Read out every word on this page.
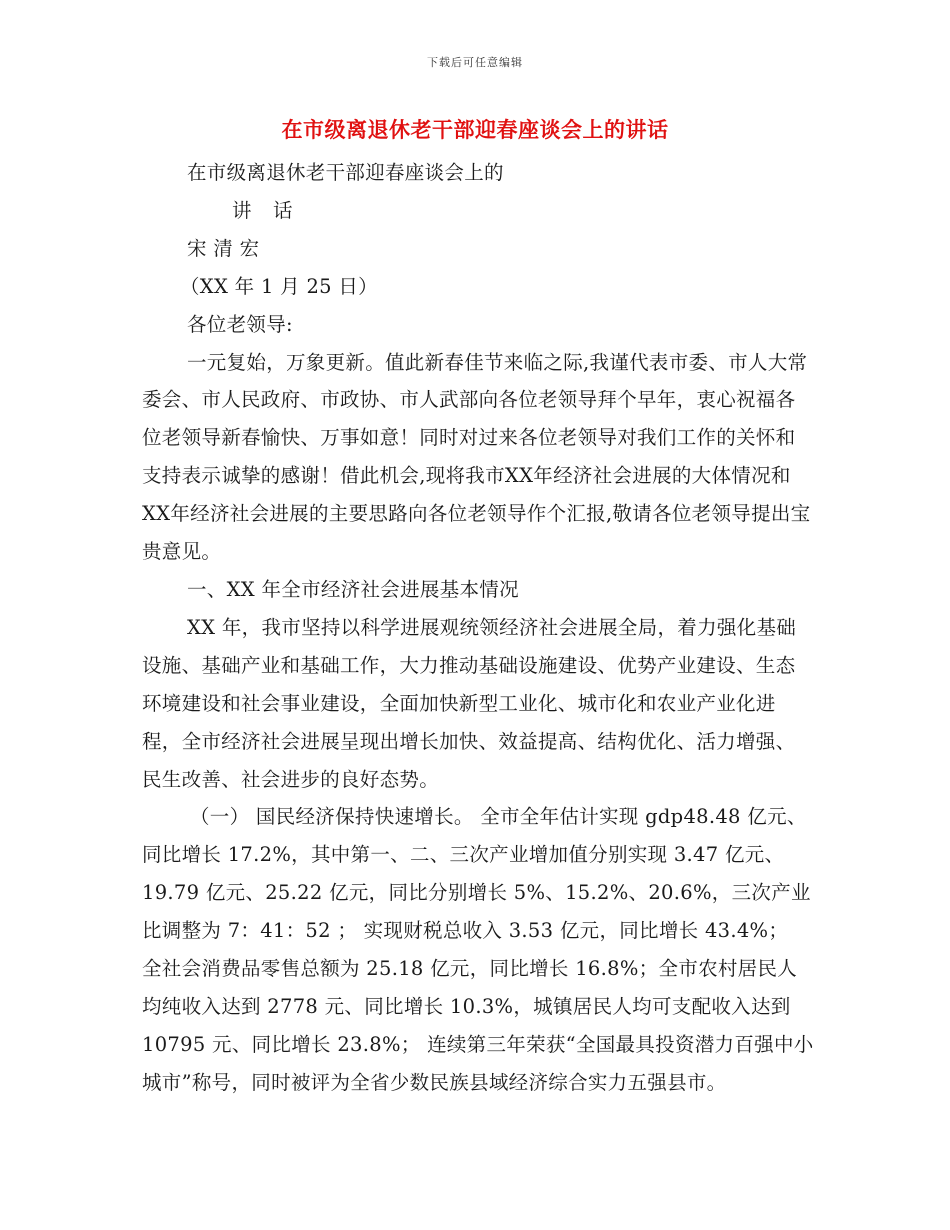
下载后可任意编辑
在市级离退休老干部迎春座谈会上的讲话

在市级离退休老干部迎春座谈会上的

讲 话

宋 清 宏

（XX 年 1 月 25 日）

各位老领导:

一元复始，万象更新。值此新春佳节来临之际,我谨代表市委、市人大常委会、市人民政府、市政协、市人武部向各位老领导拜个早年，衷心祝福各位老领导新春愉快、万事如意！同时对过来各位老领导对我们工作的关怀和支持表示诚挚的感谢！借此机会,现将我市XX年经济社会进展的大体情况和XX年经济社会进展的主要思路向各位老领导作个汇报,敬请各位老领导提出宝贵意见。

一、XX 年全市经济社会进展基本情况

XX 年，我市坚持以科学进展观统领经济社会进展全局，着力强化基础设施、基础产业和基础工作，大力推动基础设施建设、优势产业建设、生态环境建设和社会事业建设，全面加快新型工业化、城市化和农业产业化进程，全市经济社会进展呈现出增长加快、效益提高、结构优化、活力增强、民生改善、社会进步的良好态势。

（一） 国民经济保持快速增长。 全市全年估计实现 gdp48.48 亿元、 同比增长 17.2%，其中第一、二、三次产业增加值分别实现 3.47 亿元、19.79 亿元、25.22 亿元，同比分别增长 5%、15.2%、20.6%，三次产业比调整为 7：41：52 ； 实现财税总收入 3.53 亿元，同比增长 43.4%； 全社会消费品零售总额为 25.18 亿元，同比增长 16.8%；全市农村居民人均纯收入达到 2778 元、同比增长 10.3%，城镇居民人均可支配收入达到 10795 元、同比增长 23.8%； 连续第三年荣获“全国最具投资潜力百强中小城市”称号，同时被评为全省少数民族县域经济综合实力五强县市。
